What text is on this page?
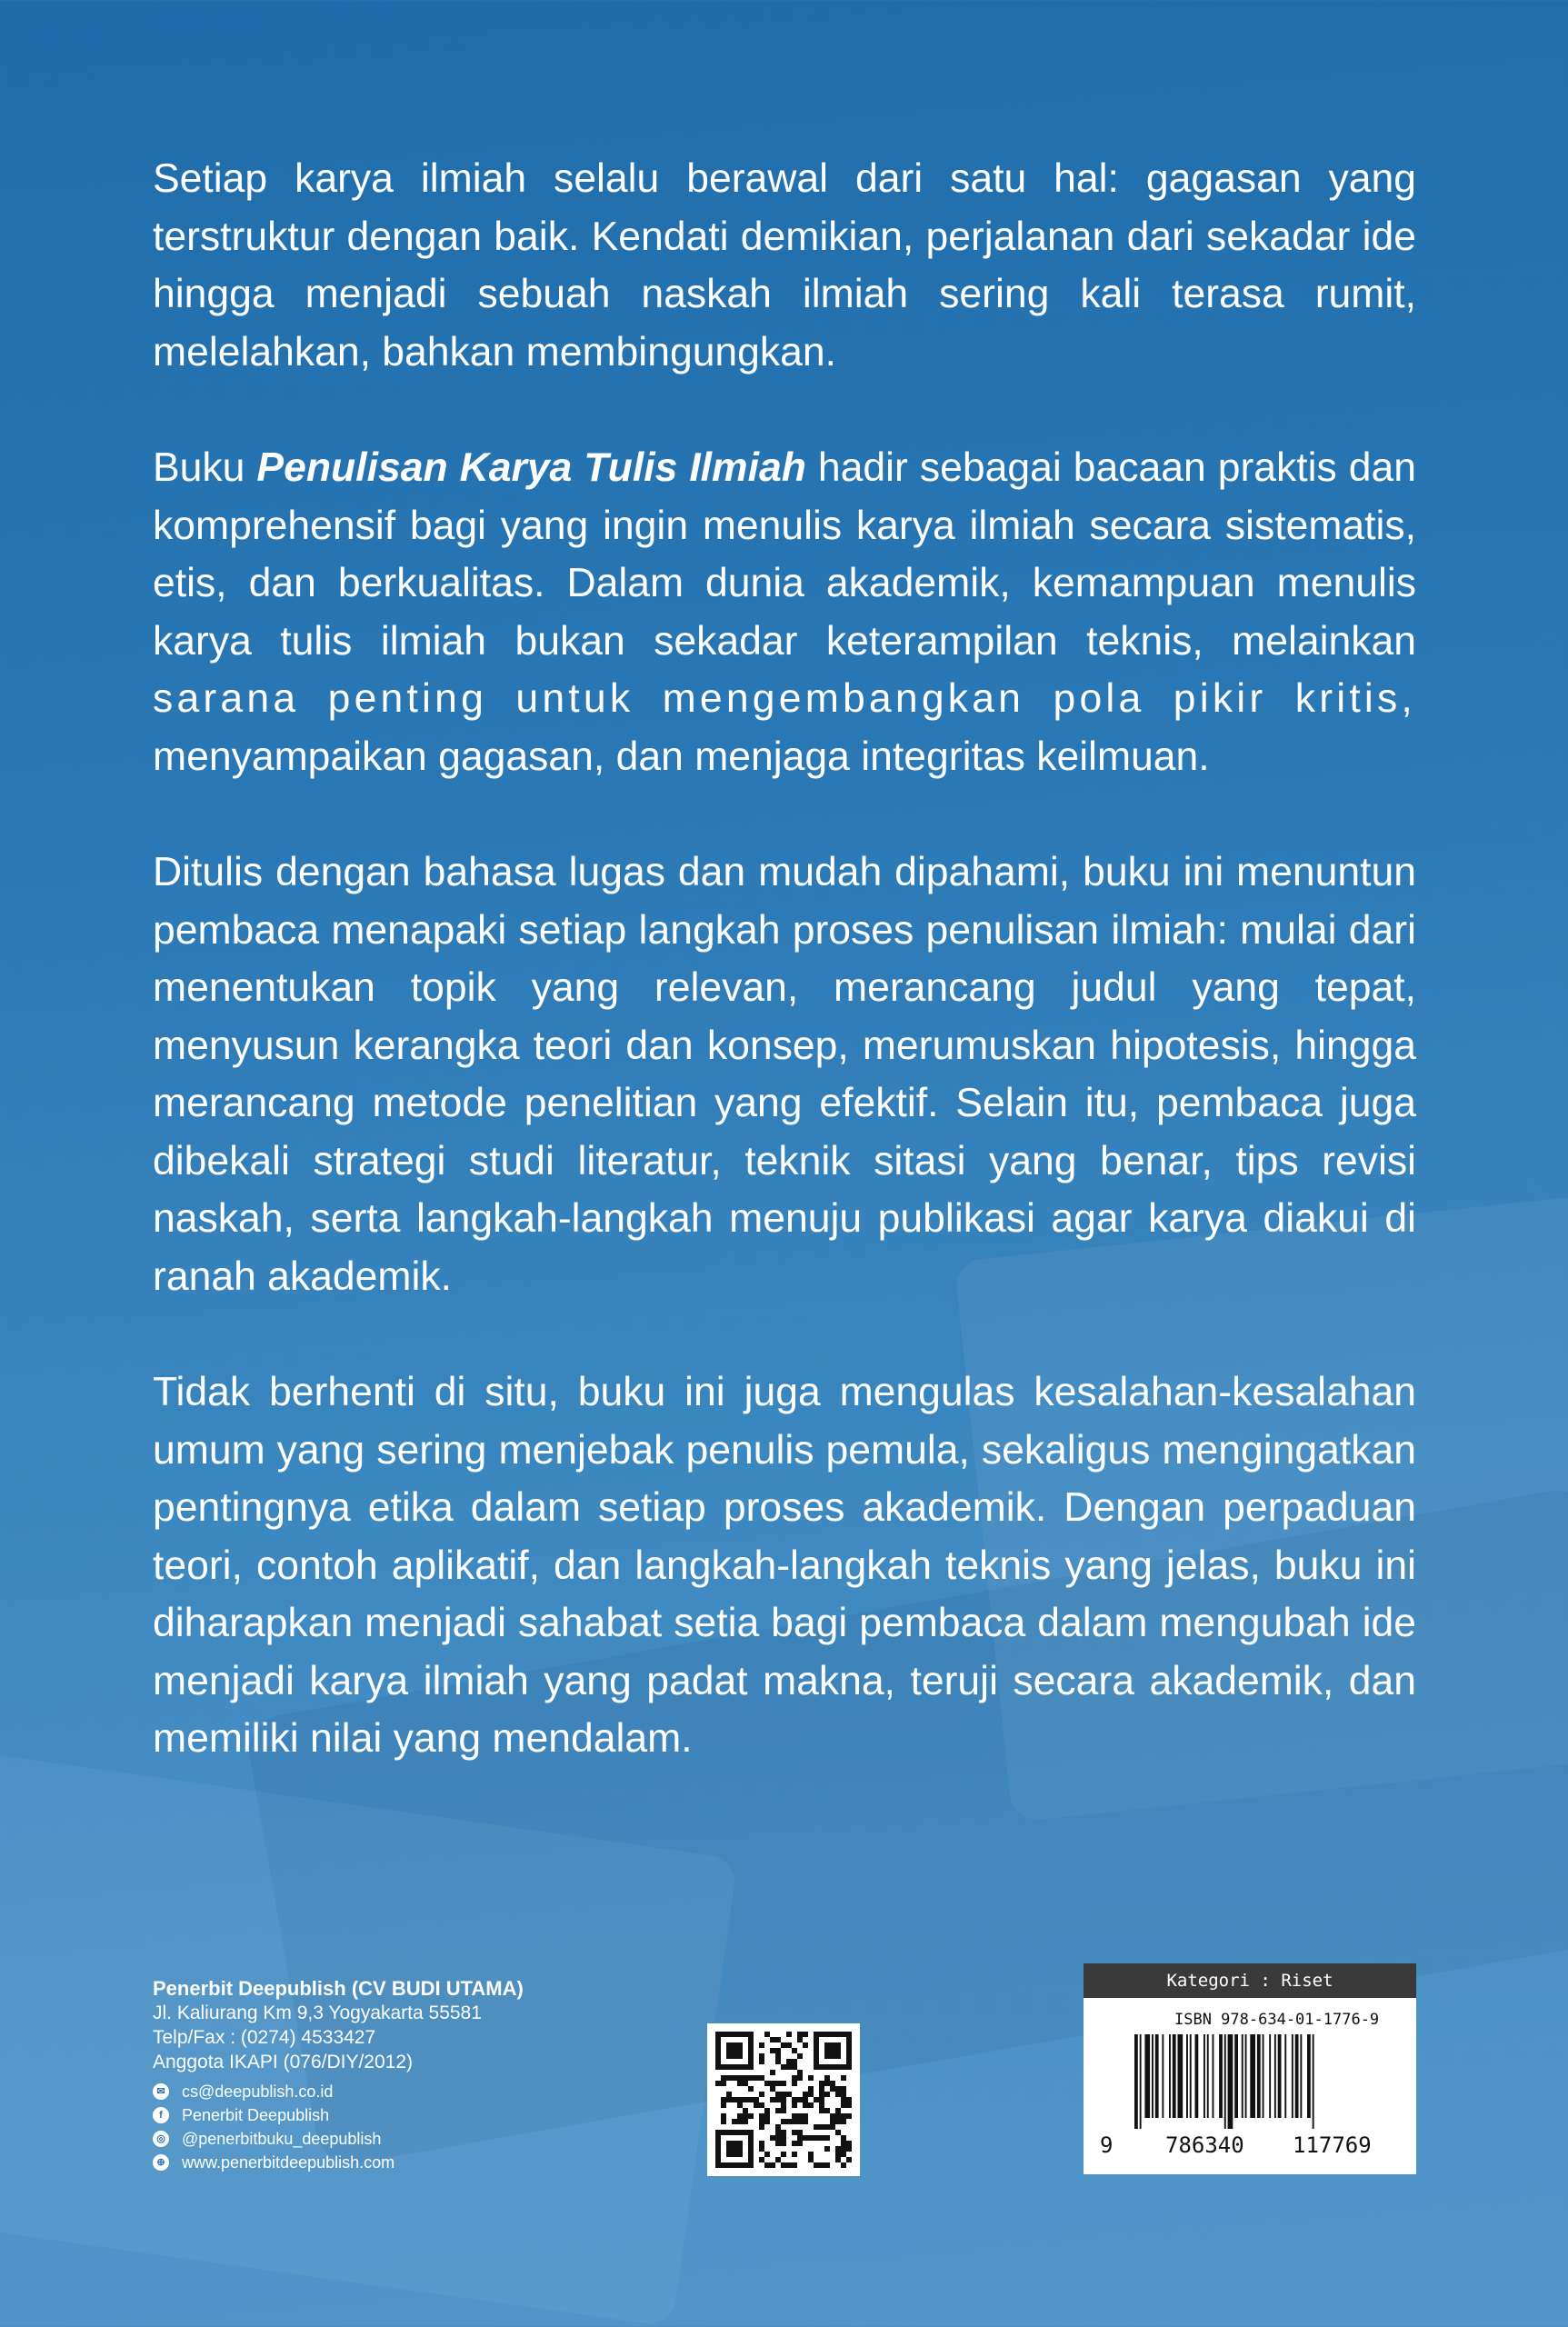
Setiap karya ilmiah selalu berawal dari satu hal: gagasan yang terstruktur dengan baik. Kendati demikian, perjalanan dari sekadar ide hingga menjadi sebuah naskah ilmiah sering kali terasa rumit, melelahkan, bahkan membingungkan.

Buku Penulisan Karya Tulis Ilmiah hadir sebagai bacaan praktis dan komprehensif bagi yang ingin menulis karya ilmiah secara sistematis, etis, dan berkualitas. Dalam dunia akademik, kemampuan menulis karya tulis ilmiah bukan sekadar keterampilan teknis, melainkan sarana penting untuk mengembangkan pola pikir kritis, menyampaikan gagasan, dan menjaga integritas keilmuan.

Ditulis dengan bahasa lugas dan mudah dipahami, buku ini menuntun pembaca menapaki setiap langkah proses penulisan ilmiah: mulai dari menentukan topik yang relevan, merancang judul yang tepat, menyusun kerangka teori dan konsep, merumuskan hipotesis, hingga merancang metode penelitian yang efektif. Selain itu, pembaca juga dibekali strategi studi literatur, teknik sitasi yang benar, tips revisi naskah, serta langkah-langkah menuju publikasi agar karya diakui di ranah akademik.

Tidak berhenti di situ, buku ini juga mengulas kesalahan-kesalahan umum yang sering menjebak penulis pemula, sekaligus mengingatkan pentingnya etika dalam setiap proses akademik. Dengan perpaduan teori, contoh aplikatif, dan langkah-langkah teknis yang jelas, buku ini diharapkan menjadi sahabat setia bagi pembaca dalam mengubah ide menjadi karya ilmiah yang padat makna, teruji secara akademik, dan memiliki nilai yang mendalam.

Penerbit Deepublish (CV BUDI UTAMA)
Jl. Kaliurang Km 9,3 Yogyakarta 55581
Telp/Fax : (0274) 4533427
Anggota IKAPI (076/DIY/2012)
✉ cs@deepublish.co.id
f	Penerbit Deepublish
◎ @penerbitbuku_deepublish
⊕ www.penerbitdeepublish.com
Kategori : Riset
ISBN 978-634-01-1776-9
9 786340 117769
